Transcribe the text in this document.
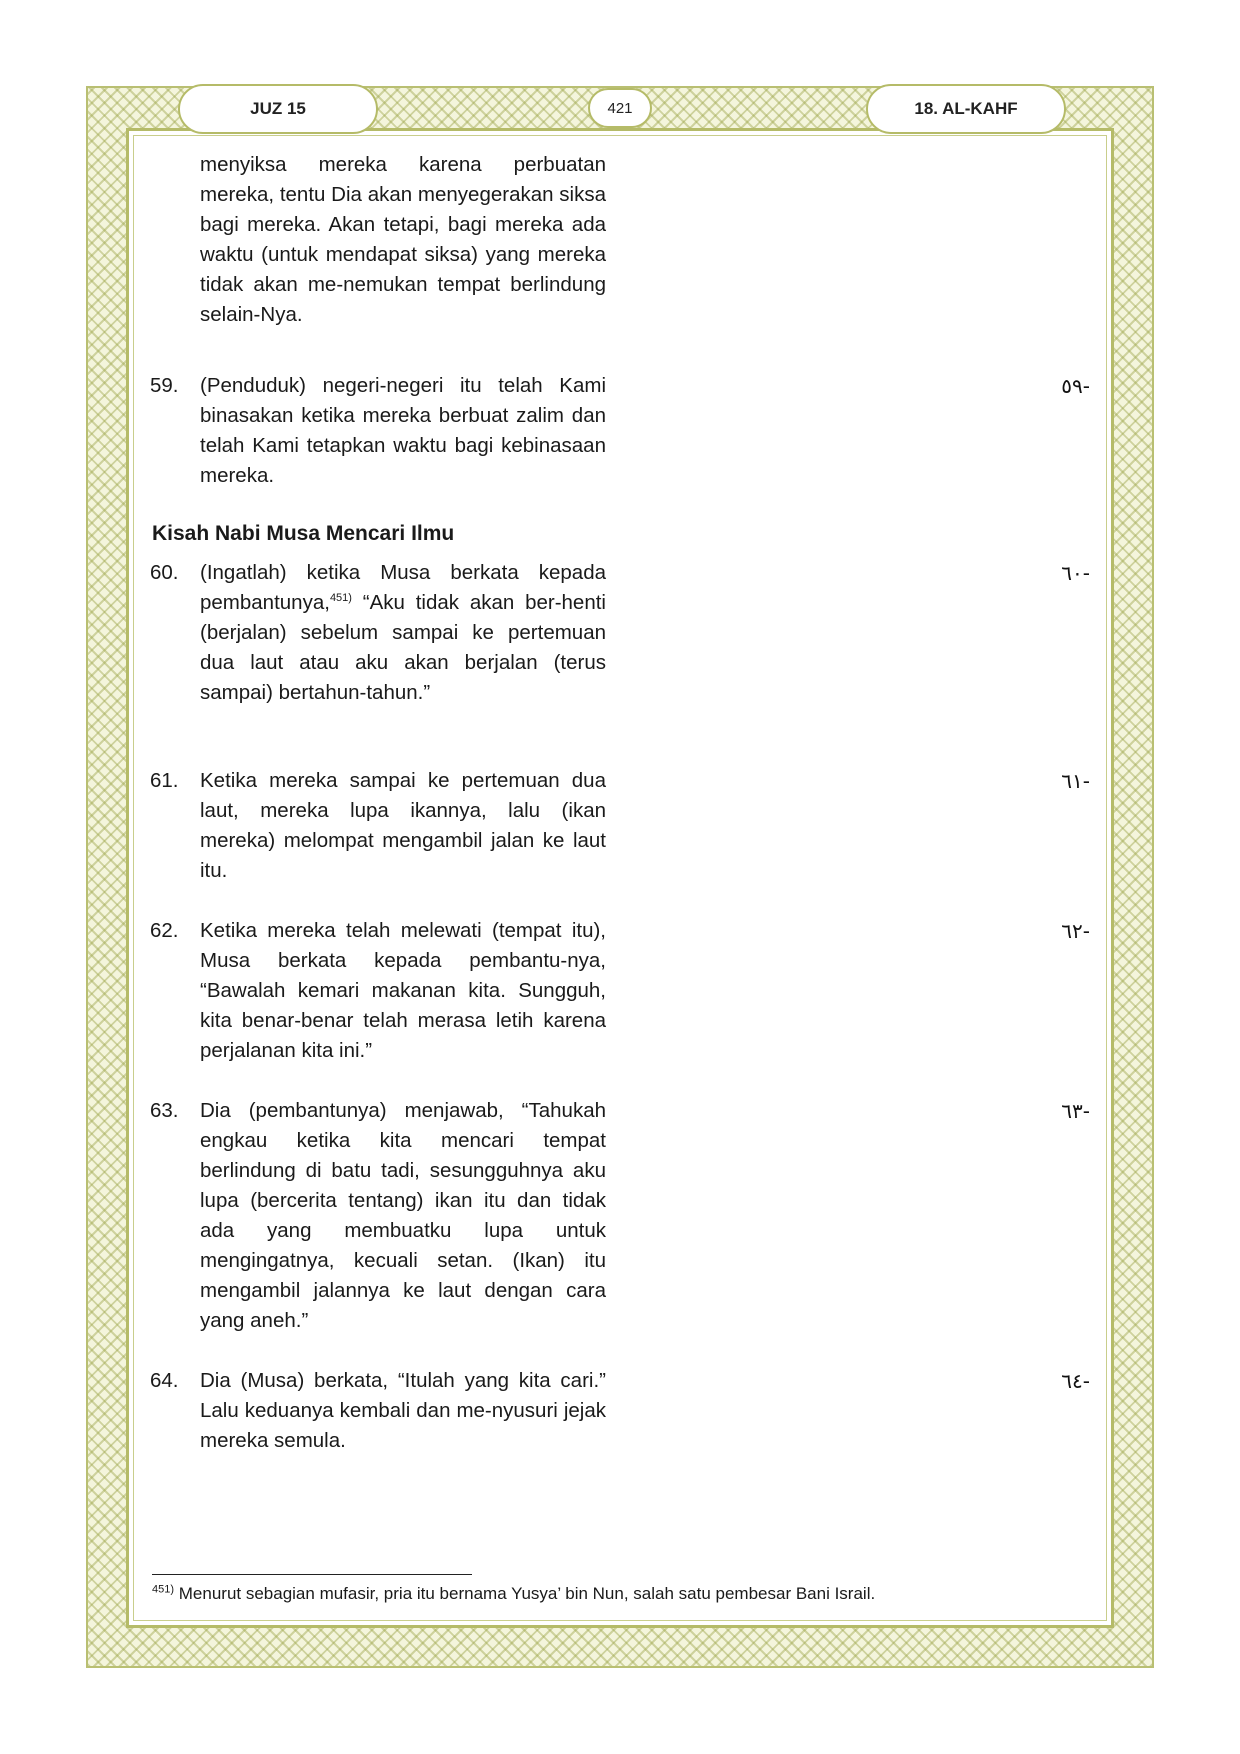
JUZ 15	421	18. AL-KAHF
menyiksa mereka karena perbuatan mereka, tentu Dia akan menyegerakan siksa bagi mereka. Akan tetapi, bagi mereka ada waktu (untuk mendapat siksa) yang mereka tidak akan me-nemukan tempat berlindung selain-Nya.
59.	(Penduduk) negeri-negeri itu telah Kami binasakan ketika mereka berbuat zalim dan telah Kami tetapkan waktu bagi kebinasaan mereka.
-٥٩
Kisah Nabi Musa Mencari Ilmu
60.	(Ingatlah) ketika Musa berkata kepada pembantunya,$^{451)}$ “Aku tidak akan ber-henti (berjalan) sebelum sampai ke pertemuan dua laut atau aku akan berjalan (terus sampai) bertahun-tahun.”
-٦٠
61.	Ketika mereka sampai ke pertemuan dua laut, mereka lupa ikannya, lalu (ikan mereka) melompat mengambil jalan ke laut itu.
-٦١
62.	Ketika mereka telah melewati (tempat itu), Musa berkata kepada pembantu-nya, “Bawalah kemari makanan kita. Sungguh, kita benar-benar telah merasa letih karena perjalanan kita ini.”
-٦٢
63.	Dia (pembantunya) menjawab, “Tahukah engkau ketika kita mencari tempat berlindung di batu tadi, sesungguhnya aku lupa (bercerita tentang) ikan itu dan tidak ada yang membuatku lupa untuk mengingatnya, kecuali setan. (Ikan) itu mengambil jalannya ke laut dengan cara yang aneh.”
-٦٣
64.	Dia (Musa) berkata, “Itulah yang kita cari.” Lalu keduanya kembali dan me-nyusuri jejak mereka semula.
-٦٤
$^{451)}$ Menurut sebagian mufasir, pria itu bernama Yusya’ bin Nun, salah satu pembesar Bani Israil.
